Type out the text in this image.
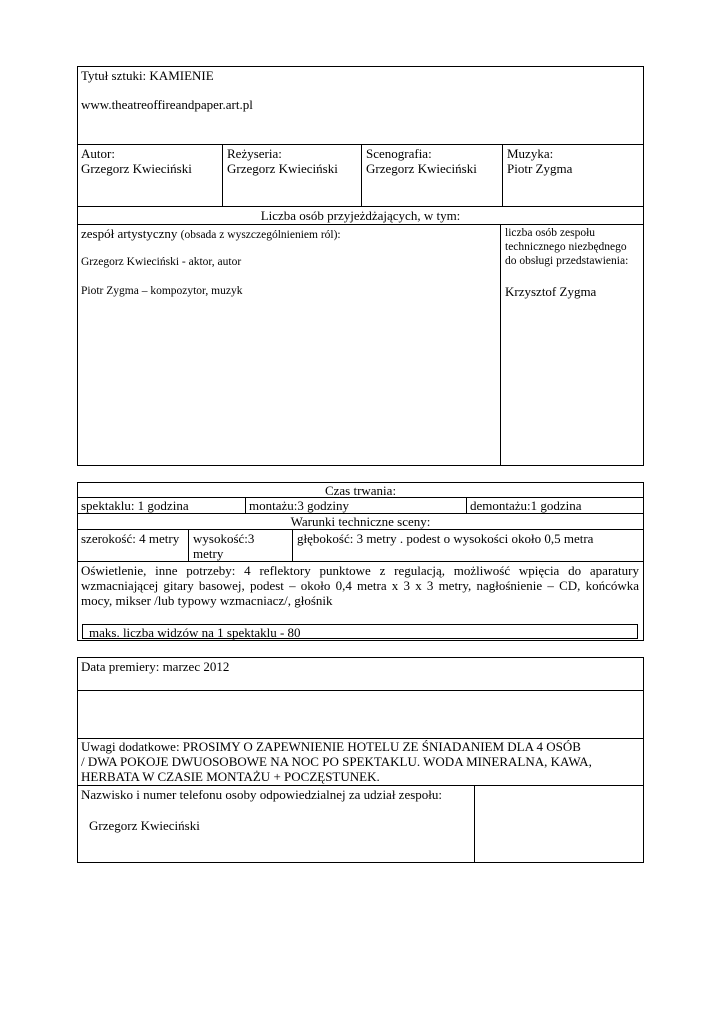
Tytuł sztuki: KAMIENIE
www.theatreoffireandpaper.art.pl
Autor:
Grzegorz Kwieciński
Reżyseria:
Grzegorz Kwieciński
Scenografia:
Grzegorz Kwieciński
Muzyka:
Piotr Zygma
Liczba osób przyjeżdżających, w tym:
zespół artystyczny (obsada z wyszczególnieniem ról):
Grzegorz Kwieciński - aktor, autor
Piotr Zygma – kompozytor, muzyk
liczba osób zespołu
technicznego niezbędnego
do obsługi przedstawienia:
Krzysztof Zygma
Czas trwania:
spektaklu: 1 godzina	montażu:3 godziny	demontażu:1 godzina
Warunki techniczne sceny:
szerokość: 4 metry wysokość:3
metry
głębokość: 3 metry . podest o wysokości około 0,5 metra
Oświetlenie, inne potrzeby: 4 reflektory punktowe z regulacją, możliwość wpięcia do aparatury wzmacniającej gitary basowej, podest – około 0,4 metra x 3 x 3 metry, nagłośnienie – CD, końcówka mocy, mikser /lub typowy wzmacniacz/, głośnik
maks. liczba widzów na 1 spektaklu - 80
Data premiery: marzec 2012
Uwagi dodatkowe: PROSIMY O ZAPEWNIENIE HOTELU ZE ŚNIADANIEM DLA 4 OSÓB
/ DWA POKOJE DWUOSOBOWE NA NOC PO SPEKTAKLU. WODA MINERALNA, KAWA,
HERBATA W CZASIE MONTAŻU + POCZĘSTUNEK.
Nazwisko i numer telefonu osoby odpowiedzialnej za udział zespołu:
Grzegorz Kwieciński
